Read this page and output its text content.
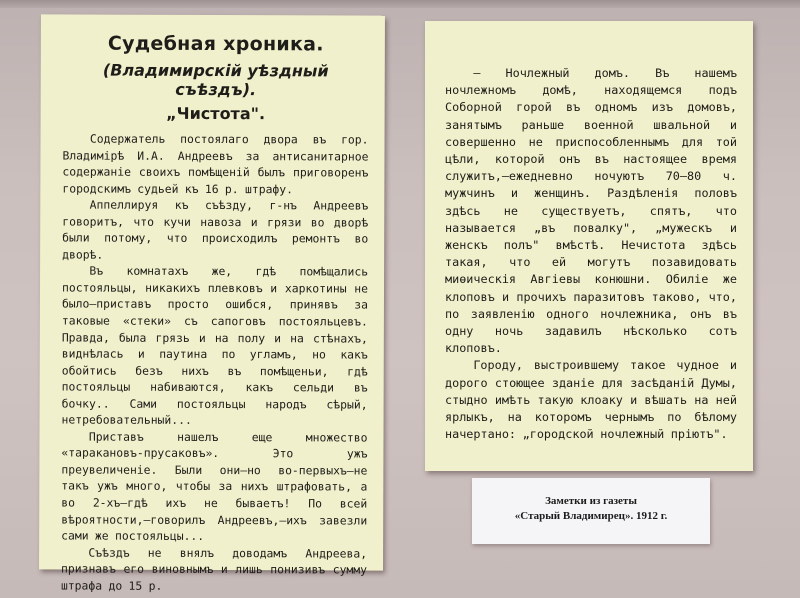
Судебная хроника.
(Владимирскій уѣздный съѣздъ).
„Чистота".

Содержатель постоялаго двора въ гор. Владимірѣ И.А. Андреевъ за антисанитарное содержаніе своихъ помѣщеній былъ приговоренъ городскимъ судьей къ 16 р. штрафу.

Аппеллируя къ съѣзду, г-нъ Андреевъ говоритъ, что кучи навоза и грязи во дворѣ были потому, что происходилъ ремонтъ во дворѣ.

Въ комнатахъ же, гдѣ помѣщались постояльцы, никакихъ плевковъ и харкотины не было—приставъ просто ошибся, принявъ за таковые «стеки» съ сапоговъ постояльцевъ. Правда, была грязь и на полу и на стѣнахъ, виднѣлась и паутина по угламъ, но какъ обойтись безъ нихъ въ помѣщеньи, гдѣ постояльцы набиваются, какъ сельди въ бочку.. Сами постояльцы народъ сѣрый, нетребовательный...

Приставъ нашелъ еще множество «таракановъ-прусаковъ». Это ужъ преувеличеніе. Были они—но во-первыхъ—не такъ ужъ много, чтобы за нихъ штрафовать, а во 2-хъ—гдѣ ихъ не бываетъ! По всей вѣроятности,—говорилъ Андреевъ,—ихъ завезли сами же постояльцы...

Съѣздъ не внялъ доводамъ Андреева, признавъ его виновнымъ и лишь понизивъ сумму штрафа до 15 р.

— Ночлежный домъ. Въ нашемъ ночлежномъ домѣ, находящемся подъ Соборной горой въ одномъ изъ домовъ, занятымъ раньше военной швальной и совершенно не приспособленнымъ для той цѣли, которой онъ въ настоящее время служитъ,—ежедневно ночуютъ 70—80 ч. мужчинъ и женщинъ. Раздѣленія половъ здѣсь не существуетъ, спятъ, что называется „въ повалку", „мужескъ и женскъ полъ" вмѣстѣ. Нечистота здѣсь такая, что ей могутъ позавидовать миѳическія Авгіевы конюшни. Обиліе же клоповъ и прочихъ паразитовъ таково, что, по заявленію одного ночлежника, онъ въ одну ночь задавилъ нѣсколько сотъ клоповъ.

Городу, выстроившему такое чудное и дорого стоющее зданіе для засѣданій Думы, стыдно имѣть такую клоаку и вѣшать на ней ярлыкъ, на которомъ чернымъ по бѣлому начертано: „городской ночлежный пріютъ".

Заметки из газеты
«Старый Владимирец». 1912 г.
